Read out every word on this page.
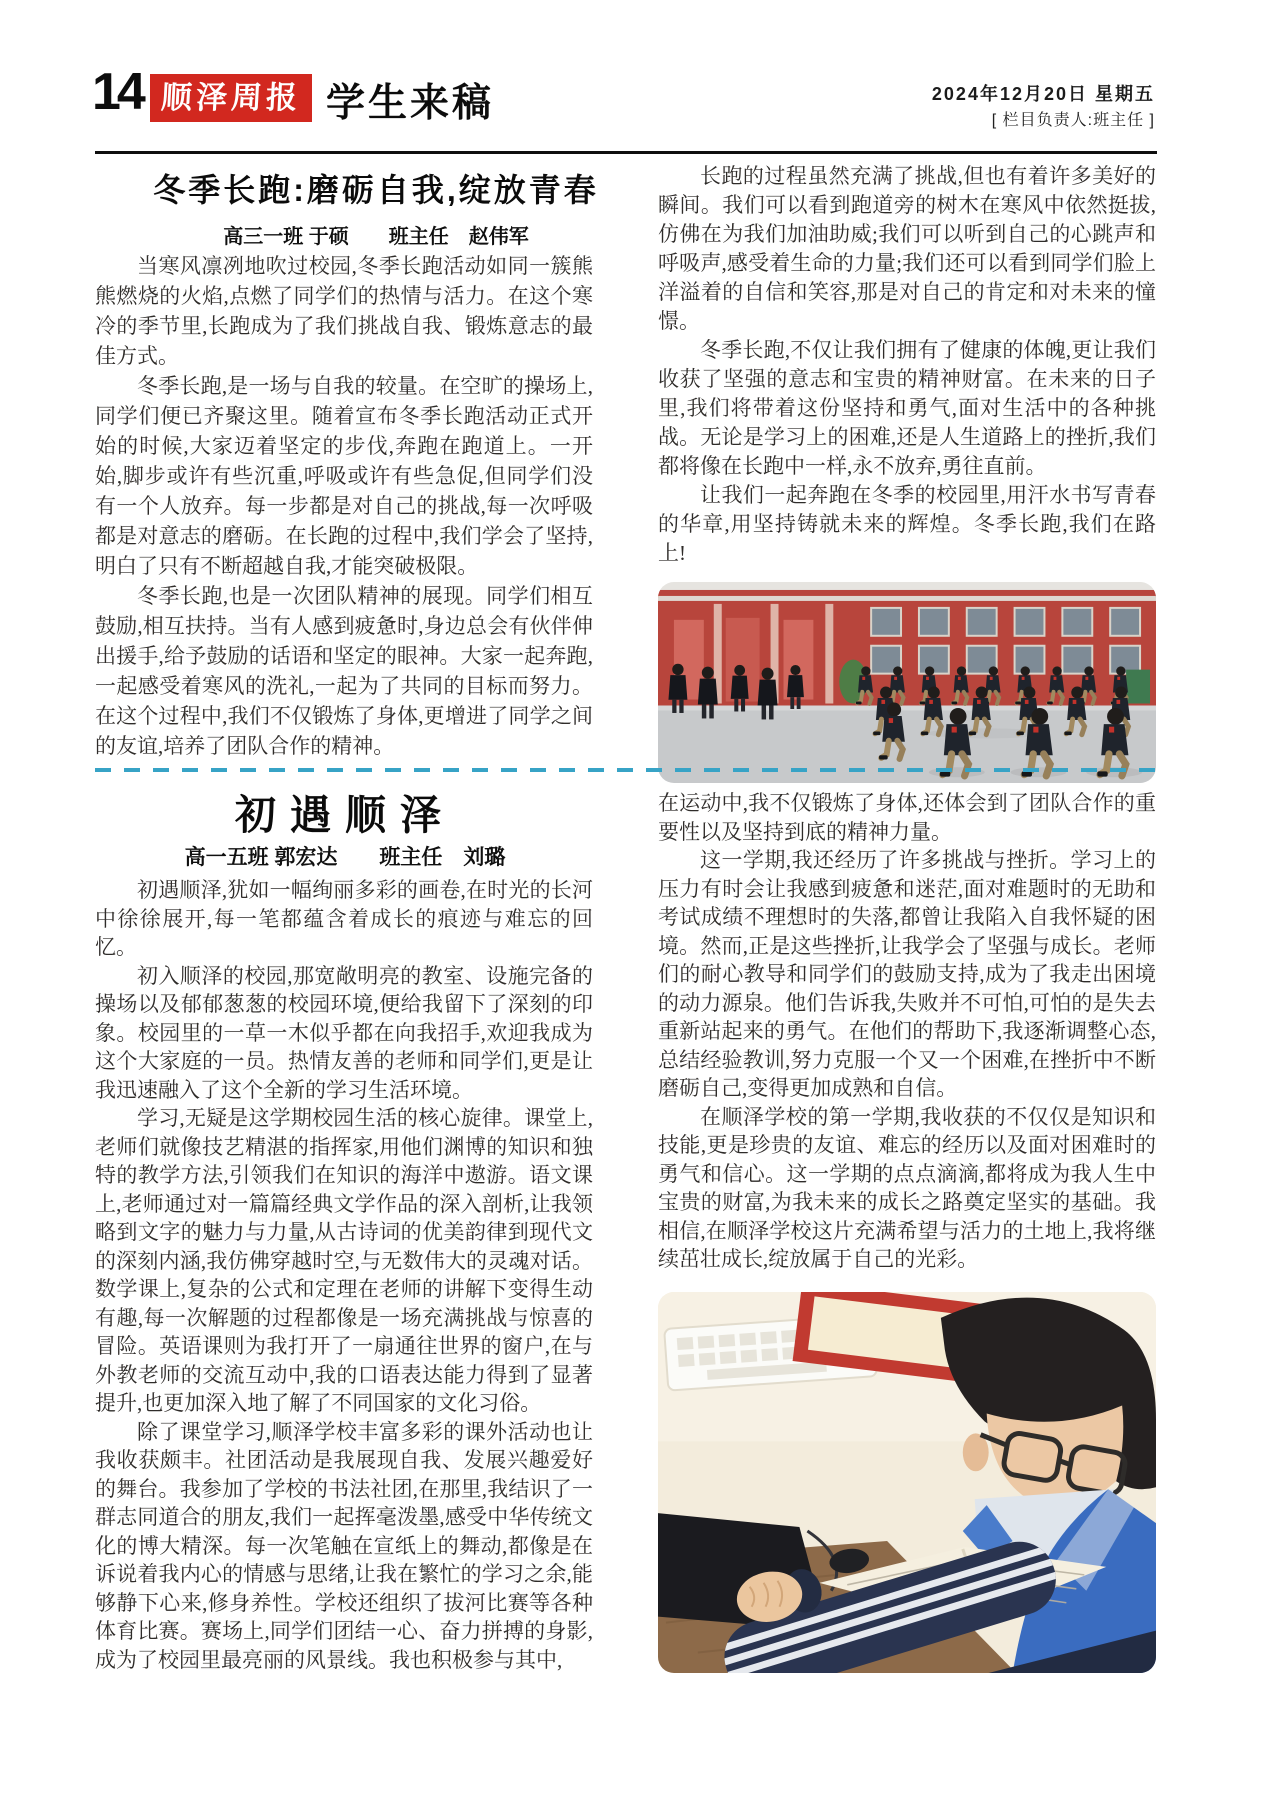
14 顺泽周报 学生来稿	2024年12月20日 星期五
[ 栏目负责人:班主任 ]
冬季长跑:磨砺自我,绽放青春
高三一班 于硕　　班主任　赵伟军

当寒风凛冽地吹过校园,冬季长跑活动如同一簇熊熊燃烧的火焰,点燃了同学们的热情与活力。在这个寒冷的季节里,长跑成为了我们挑战自我、锻炼意志的最佳方式。

冬季长跑,是一场与自我的较量。在空旷的操场上,同学们便已齐聚这里。随着宣布冬季长跑活动正式开始的时候,大家迈着坚定的步伐,奔跑在跑道上。一开始,脚步或许有些沉重,呼吸或许有些急促,但同学们没有一个人放弃。每一步都是对自己的挑战,每一次呼吸都是对意志的磨砺。在长跑的过程中,我们学会了坚持,明白了只有不断超越自我,才能突破极限。

冬季长跑,也是一次团队精神的展现。同学们相互鼓励,相互扶持。当有人感到疲惫时,身边总会有伙伴伸出援手,给予鼓励的话语和坚定的眼神。大家一起奔跑,一起感受着寒风的洗礼,一起为了共同的目标而努力。在这个过程中,我们不仅锻炼了身体,更增进了同学之间的友谊,培养了团队合作的精神。

长跑的过程虽然充满了挑战,但也有着许多美好的瞬间。我们可以看到跑道旁的树木在寒风中依然挺拔,仿佛在为我们加油助威;我们可以听到自己的心跳声和呼吸声,感受着生命的力量;我们还可以看到同学们脸上洋溢着的自信和笑容,那是对自己的肯定和对未来的憧憬。

冬季长跑,不仅让我们拥有了健康的体魄,更让我们收获了坚强的意志和宝贵的精神财富。在未来的日子里,我们将带着这份坚持和勇气,面对生活中的各种挑战。无论是学习上的困难,还是人生道路上的挫折,我们都将像在长跑中一样,永不放弃,勇往直前。

让我们一起奔跑在冬季的校园里,用汗水书写青春的华章,用坚持铸就未来的辉煌。冬季长跑,我们在路上!

初遇顺泽
高一五班 郭宏达　　班主任　刘璐

初遇顺泽,犹如一幅绚丽多彩的画卷,在时光的长河中徐徐展开,每一笔都蕴含着成长的痕迹与难忘的回忆。

初入顺泽的校园,那宽敞明亮的教室、设施完备的操场以及郁郁葱葱的校园环境,便给我留下了深刻的印象。校园里的一草一木似乎都在向我招手,欢迎我成为这个大家庭的一员。热情友善的老师和同学们,更是让我迅速融入了这个全新的学习生活环境。

学习,无疑是这学期校园生活的核心旋律。课堂上,老师们就像技艺精湛的指挥家,用他们渊博的知识和独特的教学方法,引领我们在知识的海洋中遨游。语文课上,老师通过对一篇篇经典文学作品的深入剖析,让我领略到文字的魅力与力量,从古诗词的优美韵律到现代文的深刻内涵,我仿佛穿越时空,与无数伟大的灵魂对话。数学课上,复杂的公式和定理在老师的讲解下变得生动有趣,每一次解题的过程都像是一场充满挑战与惊喜的冒险。英语课则为我打开了一扇通往世界的窗户,在与外教老师的交流互动中,我的口语表达能力得到了显著提升,也更加深入地了解了不同国家的文化习俗。

除了课堂学习,顺泽学校丰富多彩的课外活动也让我收获颇丰。社团活动是我展现自我、发展兴趣爱好的舞台。我参加了学校的书法社团,在那里,我结识了一群志同道合的朋友,我们一起挥毫泼墨,感受中华传统文化的博大精深。每一次笔触在宣纸上的舞动,都像是在诉说着我内心的情感与思绪,让我在繁忙的学习之余,能够静下心来,修身养性。学校还组织了拔河比赛等各种体育比赛。赛场上,同学们团结一心、奋力拼搏的身影,成为了校园里最亮丽的风景线。我也积极参与其中,

在运动中,我不仅锻炼了身体,还体会到了团队合作的重要性以及坚持到底的精神力量。

这一学期,我还经历了许多挑战与挫折。学习上的压力有时会让我感到疲惫和迷茫,面对难题时的无助和考试成绩不理想时的失落,都曾让我陷入自我怀疑的困境。然而,正是这些挫折,让我学会了坚强与成长。老师们的耐心教导和同学们的鼓励支持,成为了我走出困境的动力源泉。他们告诉我,失败并不可怕,可怕的是失去重新站起来的勇气。在他们的帮助下,我逐渐调整心态,总结经验教训,努力克服一个又一个困难,在挫折中不断磨砺自己,变得更加成熟和自信。

在顺泽学校的第一学期,我收获的不仅仅是知识和技能,更是珍贵的友谊、难忘的经历以及面对困难时的勇气和信心。这一学期的点点滴滴,都将成为我人生中宝贵的财富,为我未来的成长之路奠定坚实的基础。我相信,在顺泽学校这片充满希望与活力的土地上,我将继续茁壮成长,绽放属于自己的光彩。
